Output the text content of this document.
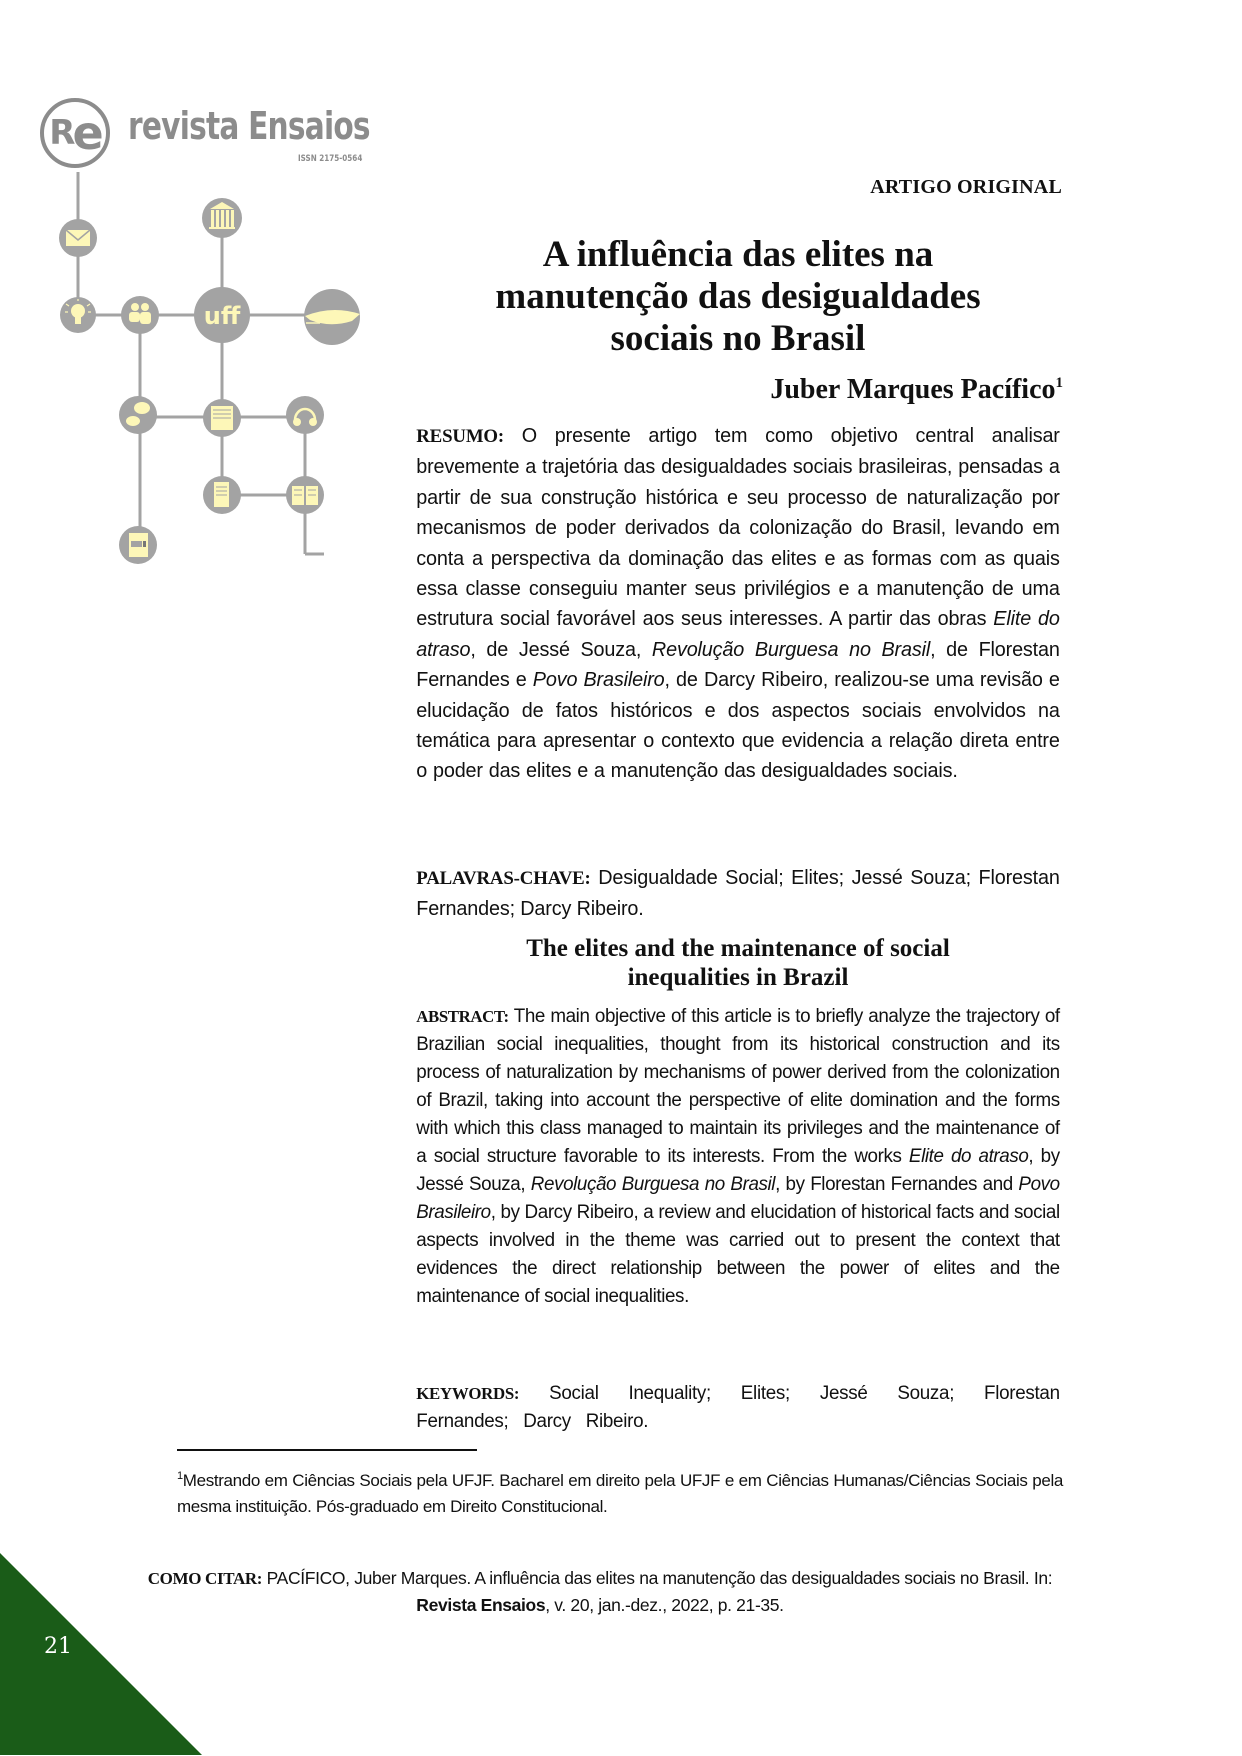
R e revista Ensaios
ISSN 2175-0564
uff
ARTIGO ORIGINAL
A influência das elites na
manutenção das desigualdades
sociais no Brasil
Juber Marques Pacífico$^1$
RESUMO: O presente artigo tem como objetivo central analisar brevemente a trajetória das desigualdades sociais brasileiras, pensadas a partir de sua construção histórica e seu processo de naturalização por mecanismos de poder derivados da colonização do Brasil, levando em conta a perspectiva da dominação das elites e as formas com as quais essa classe conseguiu manter seus privilégios e a manutenção de uma estrutura social favorável aos seus interesses. A partir das obras Elite do atraso, de Jessé Souza, Revolução Burguesa no Brasil, de Florestan Fernandes e Povo Brasileiro, de Darcy Ribeiro, realizou-se uma revisão e elucidação de fatos históricos e dos aspectos sociais envolvidos na temática para apresentar o contexto que evidencia a relação direta entre o poder das elites e a manutenção das desigualdades sociais.
PALAVRAS-CHAVE: Desigualdade Social; Elites; Jessé Souza; Florestan Fernandes; Darcy Ribeiro.
The elites and the maintenance of social
inequalities in Brazil
ABSTRACT: The main objective of this article is to briefly analyze the trajectory of Brazilian social inequalities, thought from its historical construction and its process of naturalization by mechanisms of power derived from the colonization of Brazil, taking into account the perspective of elite domination and the forms with which this class managed to maintain its privileges and the maintenance of a social structure favorable to its interests. From the works Elite do atraso, by Jessé Souza, Revolução Burguesa no Brasil, by Florestan Fernandes and Povo Brasileiro, by Darcy Ribeiro, a review and elucidation of historical facts and social aspects involved in the theme was carried out to present the context that evidences the direct relationship between the power of elites and the maintenance of social inequalities.
KEYWORDS: Social Inequality; Elites; Jessé Souza; Florestan Fernandes; Darcy Ribeiro.
$^1$Mestrando em Ciências Sociais pela UFJF. Bacharel em direito pela UFJF e em Ciências Humanas/Ciências Sociais pela mesma instituição. Pós-graduado em Direito Constitucional.
COMO CITAR: PACÍFICO, Juber Marques. A influência das elites na manutenção das desigualdades sociais no Brasil. In: Revista Ensaios, v. 20, jan.-dez., 2022, p. 21-35.
21
